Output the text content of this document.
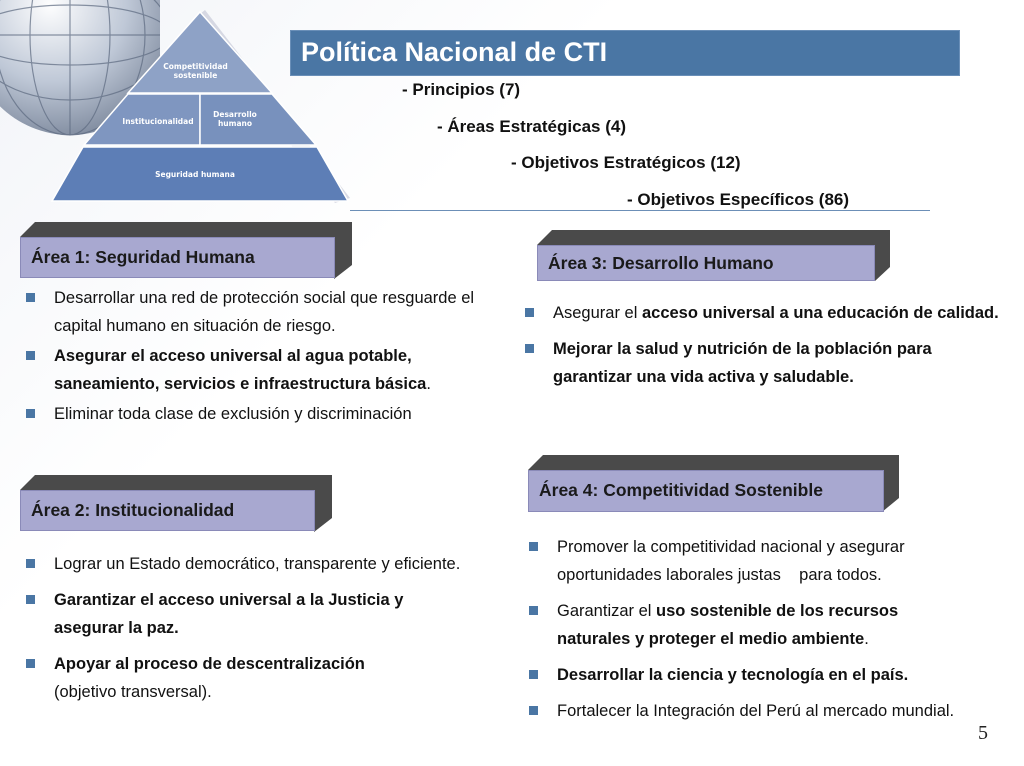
Competitividad sostenible
Institucionalidad
Desarrollo humano
Seguridad humana
Política Nacional de CTI
- Principios (7)
- Áreas Estratégicas (4)
- Objetivos Estratégicos (12)
- Objetivos Específicos (86)
Área 1: Seguridad Humana
Desarrollar una red de protección social que resguarde el capital humano en situación de riesgo.
Asegurar el acceso universal al agua potable, saneamiento, servicios e infraestructura básica.
Eliminar toda clase de exclusión y discriminación
Área 2: Institucionalidad
Lograr un Estado democrático, transparente y eficiente.
Garantizar el acceso universal a la Justicia y asegurar la paz.
Apoyar al proceso de descentralización
(objetivo transversal).
Área 3: Desarrollo Humano
Asegurar el acceso universal a una educación de calidad.
Mejorar la salud y nutrición de la población para garantizar una vida activa y saludable.
Área 4: Competitividad Sostenible
Promover la competitividad nacional y asegurar oportunidades laborales justas    para todos.
Garantizar el uso sostenible de los recursos naturales y proteger el medio ambiente.
Desarrollar la ciencia y tecnología en el país.
Fortalecer la Integración del Perú al mercado mundial.
5
